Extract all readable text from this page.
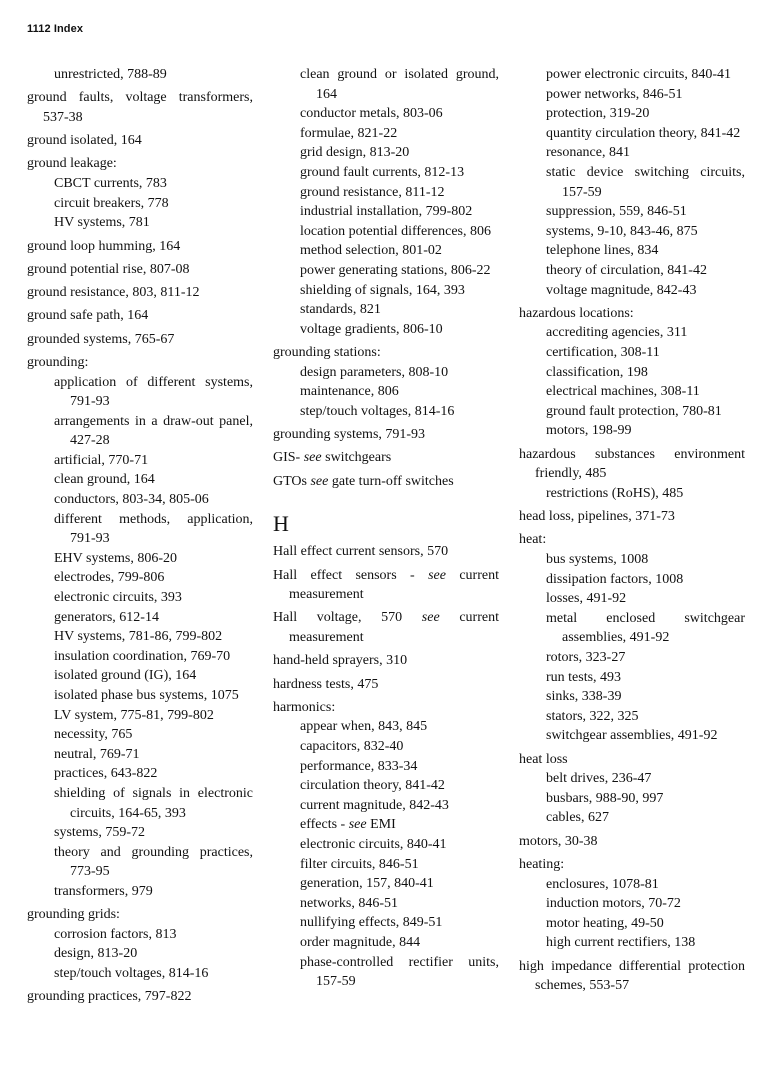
1112 Index
unrestricted, 788-89
ground faults, voltage transformers, 537-38
ground isolated, 164
ground leakage:
CBCT currents, 783
circuit breakers, 778
HV systems, 781
ground loop humming, 164
ground potential rise, 807-08
ground resistance, 803, 811-12
ground safe path, 164
grounded systems, 765-67
grounding:
application of different systems, 791-93
arrangements in a draw-out panel, 427-28
artificial, 770-71
clean ground, 164
conductors, 803-34, 805-06
different methods, application, 791-93
EHV systems, 806-20
electrodes, 799-806
electronic circuits, 393
generators, 612-14
HV systems, 781-86, 799-802
insulation coordination, 769-70
isolated ground (IG), 164
isolated phase bus systems, 1075
LV system, 775-81, 799-802
necessity, 765
neutral, 769-71
practices, 643-822
shielding of signals in electronic circuits, 164-65, 393
systems, 759-72
theory and grounding practices, 773-95
transformers, 979
grounding grids:
corrosion factors, 813
design, 813-20
step/touch voltages, 814-16
grounding practices, 797-822
clean ground or isolated ground, 164
conductor metals, 803-06
formulae, 821-22
grid design, 813-20
ground fault currents, 812-13
ground resistance, 811-12
industrial installation, 799-802
location potential differences, 806
method selection, 801-02
power generating stations, 806-22
shielding of signals, 164, 393
standards, 821
voltage gradients, 806-10
grounding stations:
design parameters, 808-10
maintenance, 806
step/touch voltages, 814-16
grounding systems, 791-93
GIS- see switchgears
GTOs see gate turn-off switches
H
Hall effect current sensors, 570
Hall effect sensors - see current measurement
Hall voltage, 570 see current measurement
hand-held sprayers, 310
hardness tests, 475
harmonics:
appear when, 843, 845
capacitors, 832-40
performance, 833-34
circulation theory, 841-42
current magnitude, 842-43
effects - see EMI
electronic circuits, 840-41
filter circuits, 846-51
generation, 157, 840-41
networks, 846-51
nullifying effects, 849-51
order magnitude, 844
phase-controlled rectifier units, 157-59
power electronic circuits, 840-41
power networks, 846-51
protection, 319-20
quantity circulation theory, 841-42
resonance, 841
static device switching circuits, 157-59
suppression, 559, 846-51
systems, 9-10, 843-46, 875
telephone lines, 834
theory of circulation, 841-42
voltage magnitude, 842-43
hazardous locations:
accrediting agencies, 311
certification, 308-11
classification, 198
electrical machines, 308-11
ground fault protection, 780-81
motors, 198-99
hazardous substances environment friendly, 485
restrictions (RoHS), 485
head loss, pipelines, 371-73
heat:
bus systems, 1008
dissipation factors, 1008
losses, 491-92
metal enclosed switchgear assemblies, 491-92
rotors, 323-27
run tests, 493
sinks, 338-39
stators, 322, 325
switchgear assemblies, 491-92
heat loss
belt drives, 236-47
busbars, 988-90, 997
cables, 627
motors, 30-38
heating:
enclosures, 1078-81
induction motors, 70-72
motor heating, 49-50
high current rectifiers, 138
high impedance differential protection schemes, 553-57
